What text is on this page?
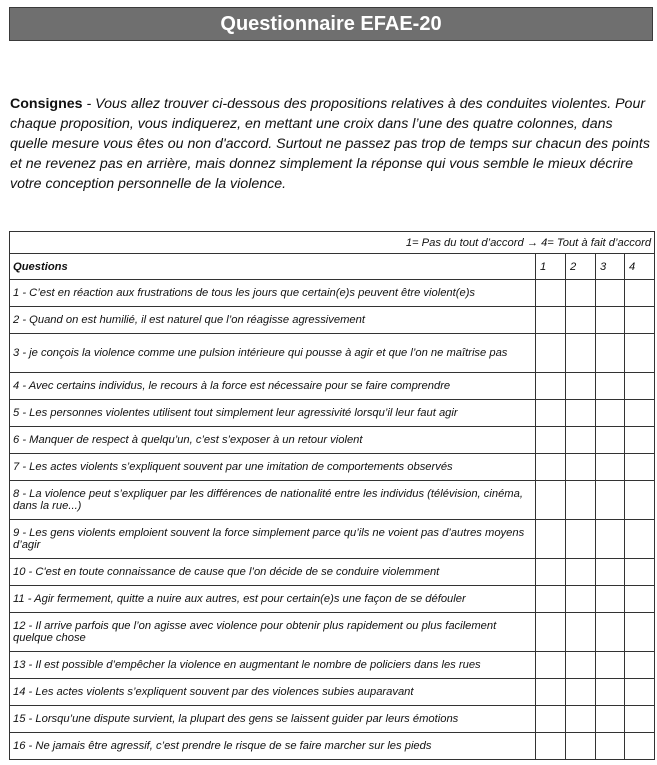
Questionnaire EFAE-20
Consignes - Vous allez trouver ci-dessous des propositions relatives à des conduites violentes. Pour chaque proposition, vous indiquerez, en mettant une croix dans l’une des quatre colonnes, dans quelle mesure vous êtes ou non d'accord. Surtout ne passez pas trop de temps sur chacun des points et ne revenez pas en arrière, mais donnez simplement la réponse qui vous semble le mieux décrire votre conception personnelle de la violence.
1= Pas du tout d’accord → 4= Tout à fait d’accord				
Questions	1	2	3	4
1 - C’est en réaction aux frustrations de tous les jours que certain(e)s peuvent être violent(e)s				
2 - Quand on est humilié, il est naturel que l’on réagisse agressivement				
3 - je conçois la violence comme une pulsion intérieure qui pousse à agir et que l’on ne maîtrise pas				
4 - Avec certains individus, le recours à la force est nécessaire pour se faire comprendre				
5 - Les personnes violentes utilisent tout simplement leur agressivité lorsqu’il leur faut agir				
6 - Manquer de respect à quelqu’un, c’est s’exposer à un retour violent				
7 - Les actes violents s’expliquent souvent par une imitation de comportements observés				
8 - La violence peut s’expliquer par les différences de nationalité entre les individus (télévision, cinéma, dans la rue...)				
9 - Les gens violents emploient souvent la force simplement parce qu’ils ne voient pas d’autres moyens d’agir				
10 - C'est en toute connaissance de cause que l’on décide de se conduire violemment				
11 - Agir fermement, quitte a nuire aux autres, est pour certain(e)s une façon de se défouler				
12 - Il arrive parfois que l’on agisse avec violence pour obtenir plus rapidement ou plus facilement quelque chose				
13 - Il est possible d’empêcher la violence en augmentant le nombre de policiers dans les rues				
14 - Les actes violents s’expliquent souvent par des violences subies auparavant				
15 - Lorsqu’une dispute survient, la plupart des gens se laissent guider par leurs émotions				
16 - Ne jamais être agressif, c’est prendre le risque de se faire marcher sur les pieds				
